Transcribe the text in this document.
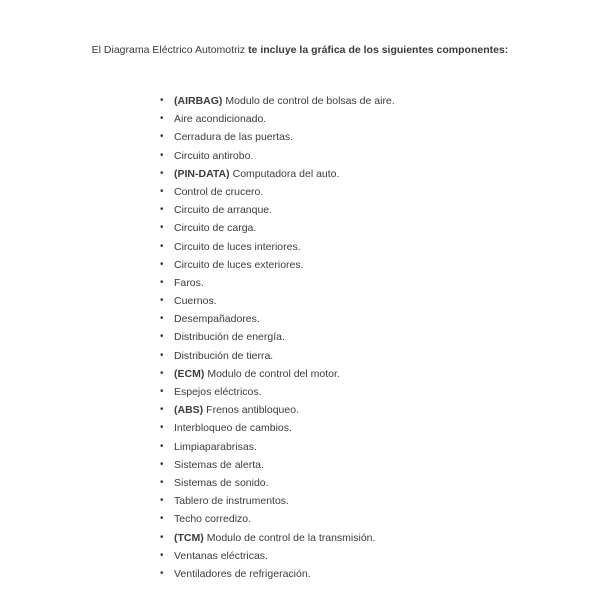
El Diagrama Eléctrico Automotriz te incluye la gráfica de los siguientes componentes:
• (AIRBAG) Modulo de control de bolsas de aire.
• Aire acondicionado.
• Cerradura de las puertas.
• Circuito antirobo.
• (PIN-DATA) Computadora del auto.
• Control de crucero.
• Circuito de arranque.
• Circuito de carga.
• Circuito de luces interiores.
• Circuito de luces exteriores.
• Faros.
• Cuernos.
• Desempañadores.
• Distribución de energía.
• Distribución de tierra.
• (ECM) Modulo de control del motor.
• Espejos eléctricos.
• (ABS) Frenos antibloqueo.
• Interbloqueo de cambios.
• Limpiaparabrisas.
• Sistemas de alerta.
• Sistemas de sonido.
• Tablero de instrumentos.
• Techo corredizo.
• (TCM) Modulo de control de la transmisión.
• Ventanas eléctricas.
• Ventiladores de refrigeración.
